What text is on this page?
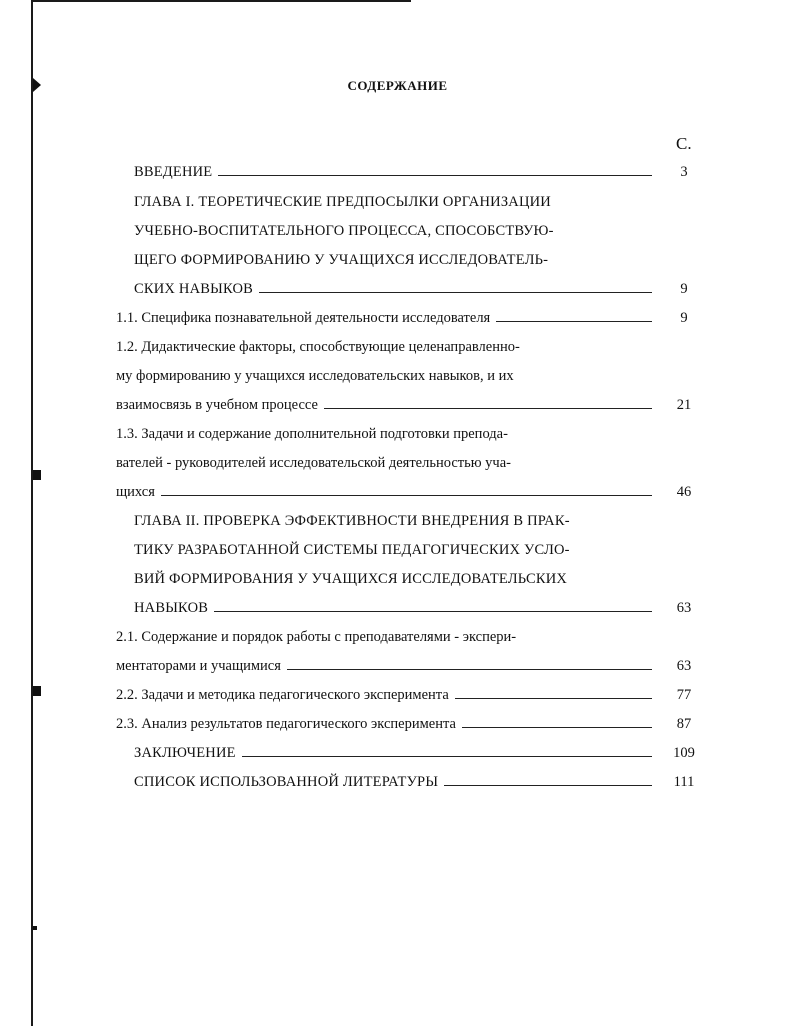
СОДЕРЖАНИЕ
С.
ВВЕДЕНИЕ	3
ГЛАВА I. ТЕОРЕТИЧЕСКИЕ ПРЕДПОСЫЛКИ ОРГАНИЗАЦИИ
УЧЕБНО-ВОСПИТАТЕЛЬНОГО ПРОЦЕССА, СПОСОБСТВУЮ-
ЩЕГО ФОРМИРОВАНИЮ У УЧАЩИХСЯ ИССЛЕДОВАТЕЛЬ-
СКИХ НАВЫКОВ	9
1.1. Специфика познавательной деятельности исследователя	9
1.2. Дидактические факторы, способствующие целенаправленно-
му формированию у учащихся исследовательских навыков, и их
взаимосвязь в учебном процессе	21
1.3. Задачи и содержание дополнительной подготовки препода-
вателей - руководителей исследовательской деятельностью уча-
щихся	46
ГЛАВА II. ПРОВЕРКА ЭФФЕКТИВНОСТИ ВНЕДРЕНИЯ В ПРАК-
ТИКУ РАЗРАБОТАННОЙ СИСТЕМЫ ПЕДАГОГИЧЕСКИХ УСЛО-
ВИЙ ФОРМИРОВАНИЯ У УЧАЩИХСЯ ИССЛЕДОВАТЕЛЬСКИХ
НАВЫКОВ	63
2.1. Содержание и порядок работы с преподавателями - экспери-
ментаторами и учащимися	63
2.2. Задачи и методика педагогического эксперимента	77
2.3. Анализ результатов педагогического эксперимента	87
ЗАКЛЮЧЕНИЕ	109
СПИСОК ИСПОЛЬЗОВАННОЙ ЛИТЕРАТУРЫ	111
